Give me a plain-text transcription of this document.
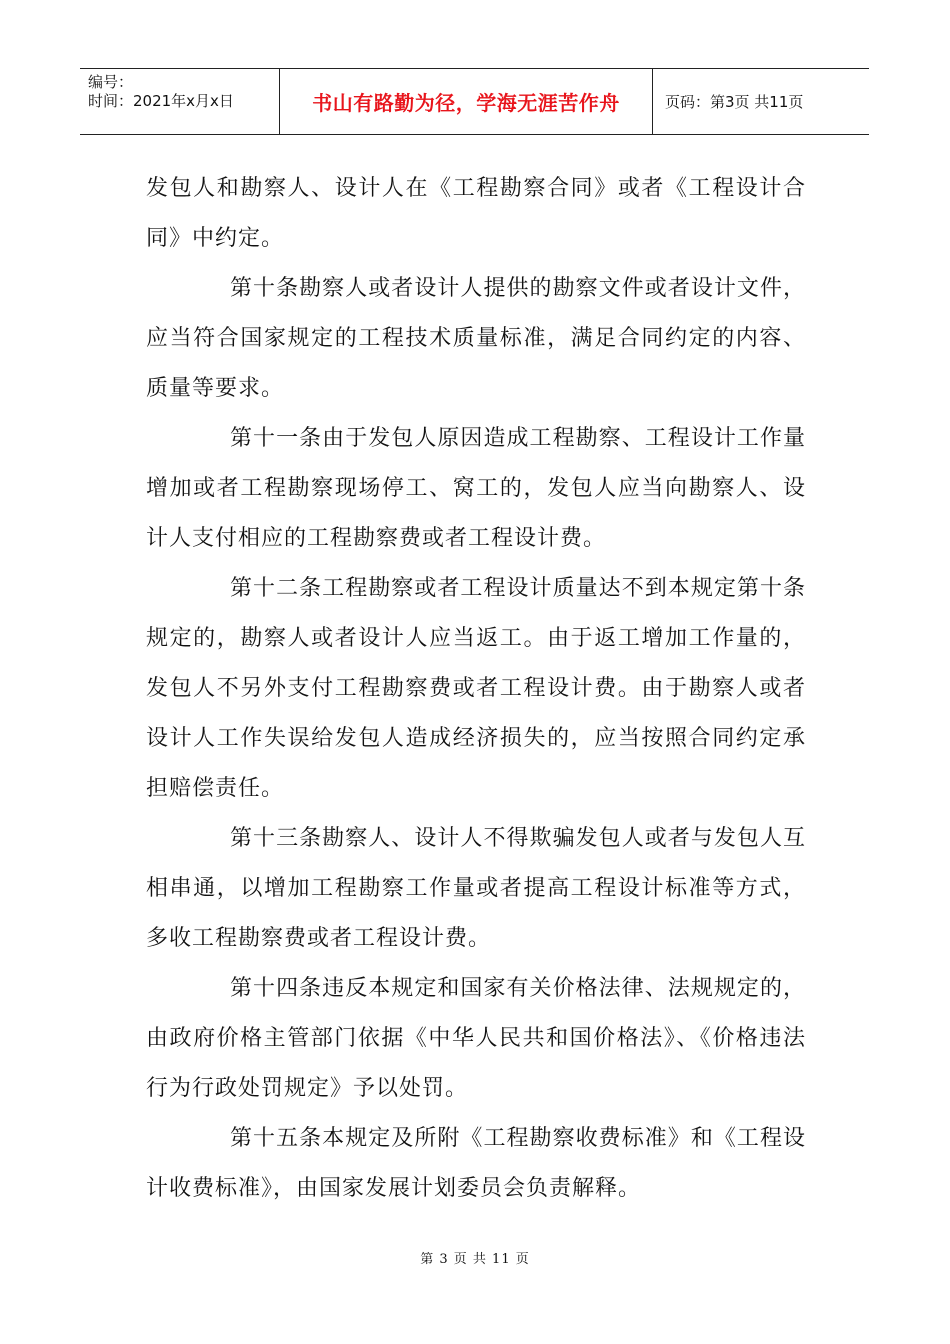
编号：
时间：2021年x月x日	书山有路勤为径，学海无涯苦作舟	页码：第3页 共11页

发包人和勘察人、设计人在《工程勘察合同》或者《工程设计合同》中约定。

第十条勘察人或者设计人提供的勘察文件或者设计文件，应当符合国家规定的工程技术质量标准，满足合同约定的内容、质量等要求。

第十一条由于发包人原因造成工程勘察、工程设计工作量增加或者工程勘察现场停工、窝工的，发包人应当向勘察人、设计人支付相应的工程勘察费或者工程设计费。

第十二条工程勘察或者工程设计质量达不到本规定第十条规定的，勘察人或者设计人应当返工。由于返工增加工作量的，发包人不另外支付工程勘察费或者工程设计费。由于勘察人或者设计人工作失误给发包人造成经济损失的，应当按照合同约定承担赔偿责任。

第十三条勘察人、设计人不得欺骗发包人或者与发包人互相串通，以增加工程勘察工作量或者提高工程设计标准等方式，多收工程勘察费或者工程设计费。

第十四条违反本规定和国家有关价格法律、法规规定的，由政府价格主管部门依据《中华人民共和国价格法》、《价格违法行为行政处罚规定》予以处罚。

第十五条本规定及所附《工程勘察收费标准》和《工程设计收费标准》，由国家发展计划委员会负责解释。

第 3 页 共 11 页
